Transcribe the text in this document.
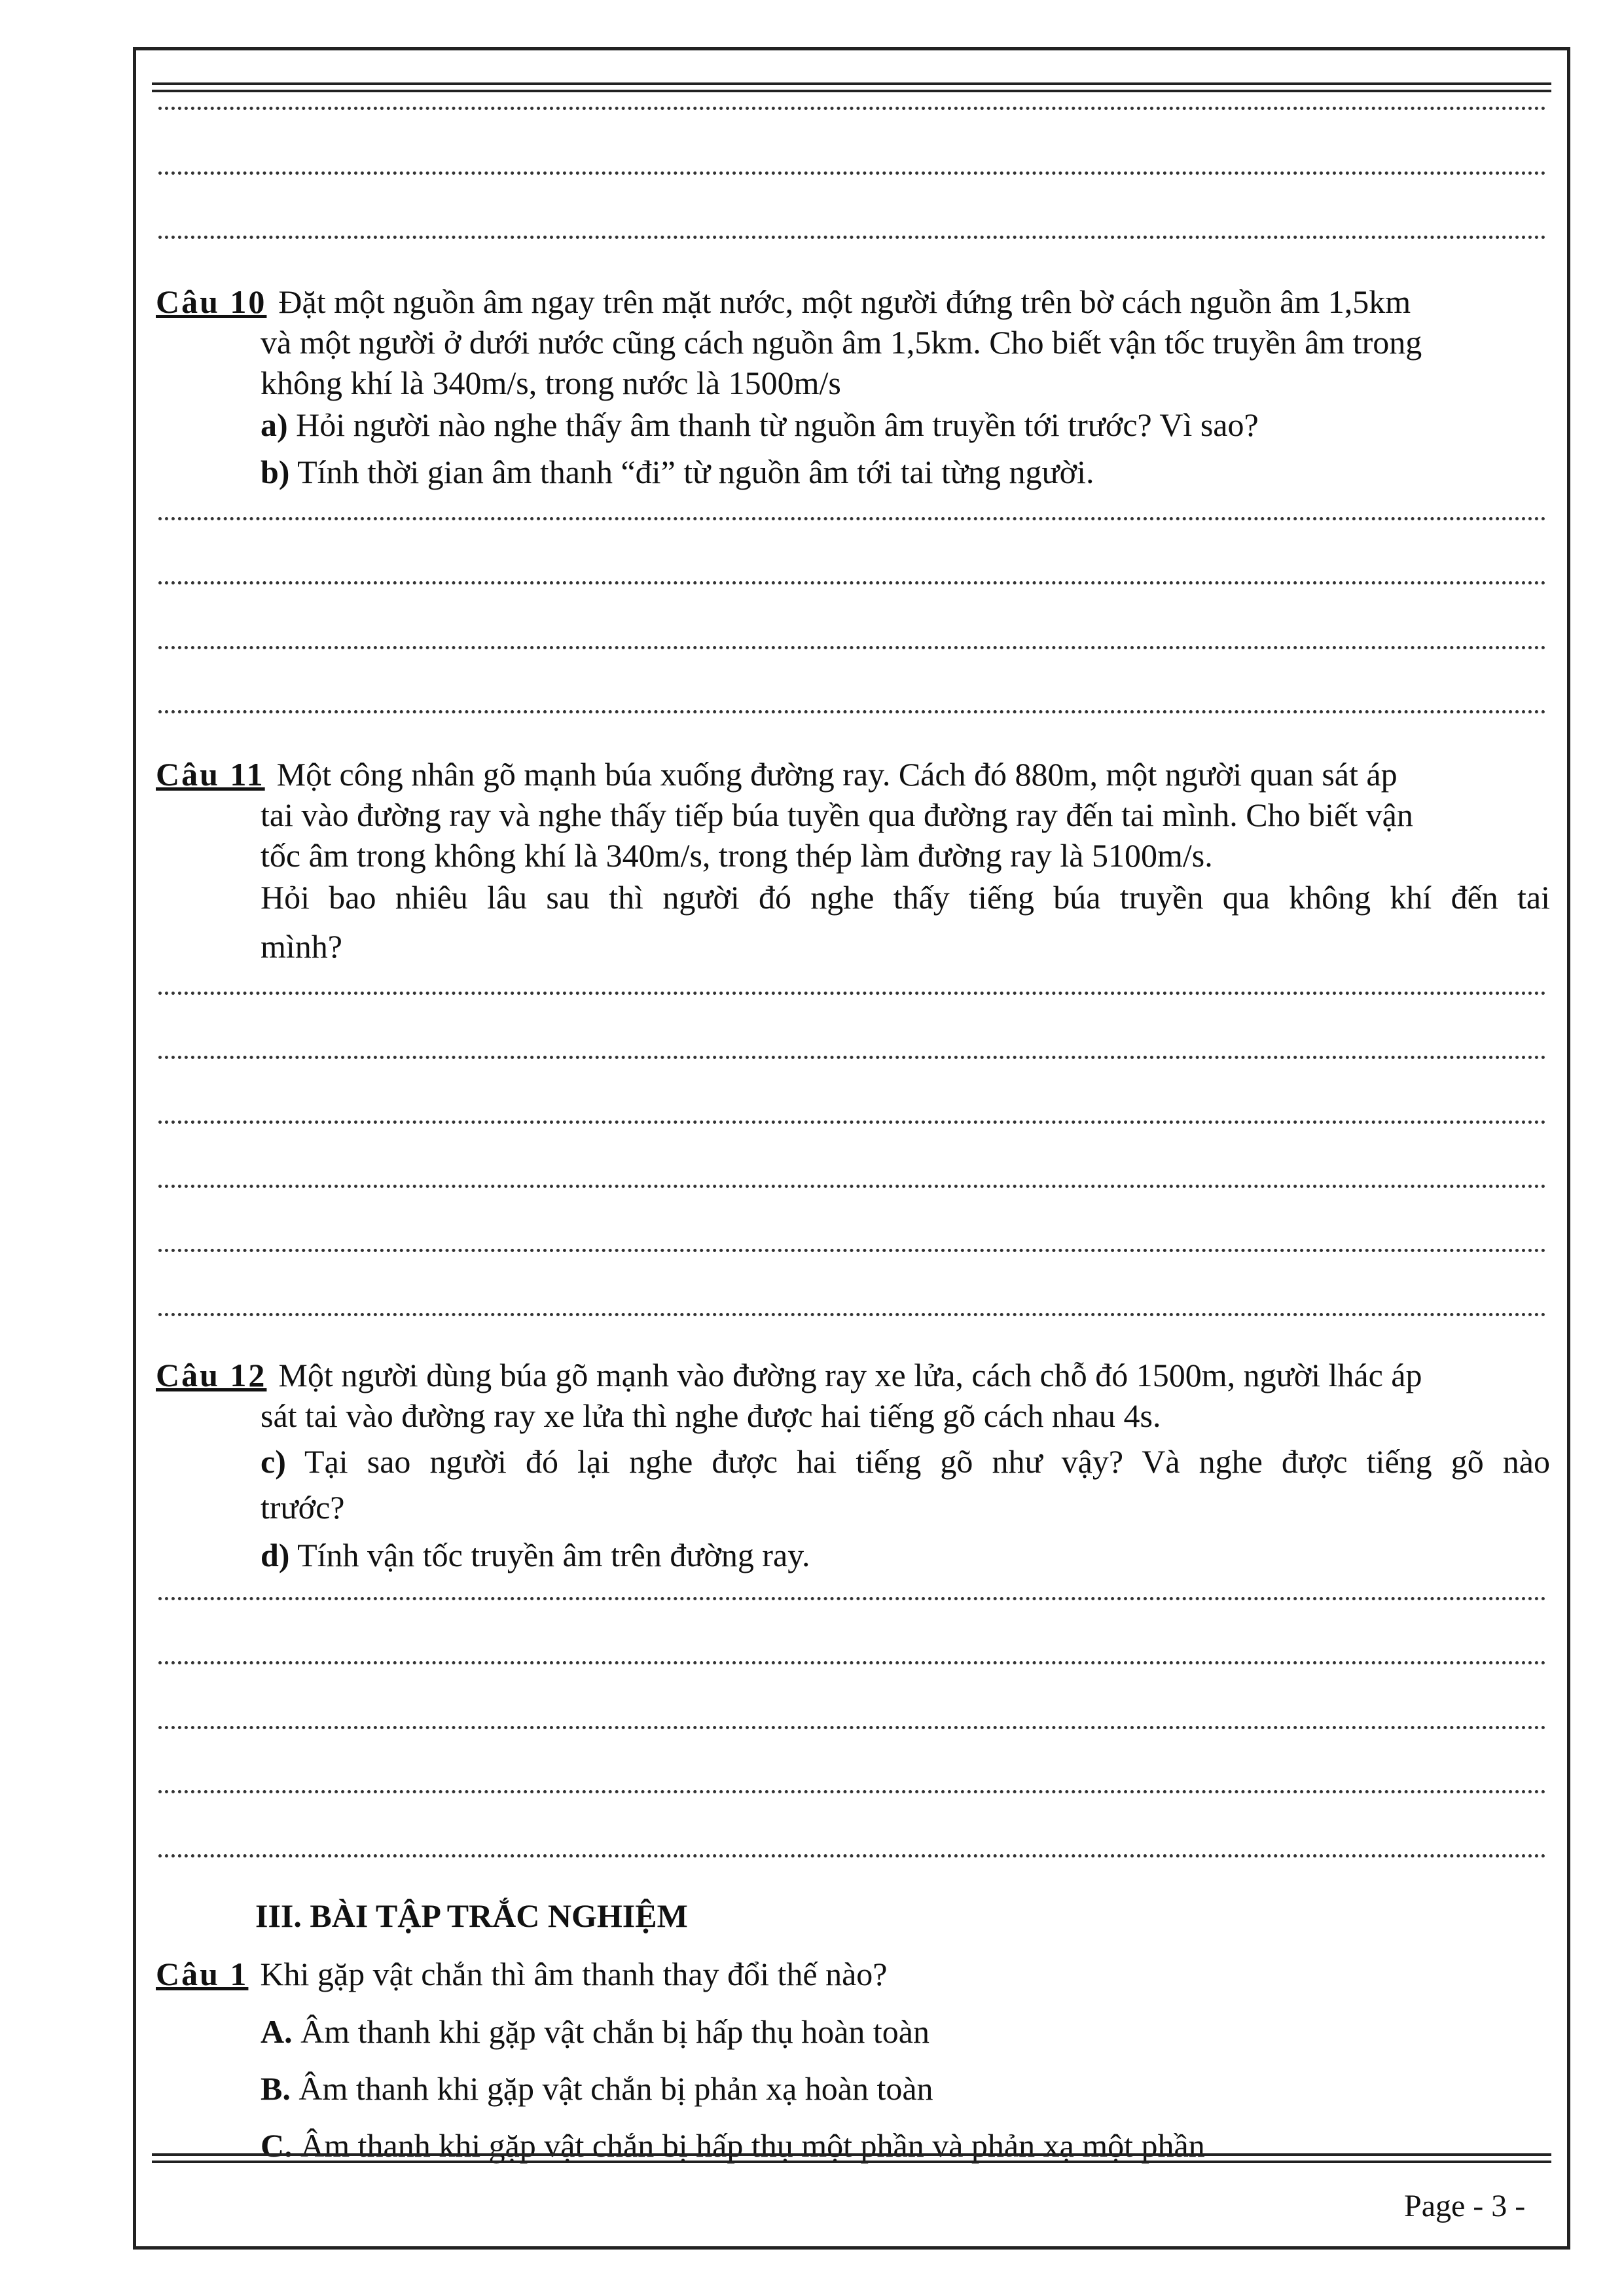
Câu 10 Đặt một nguồn âm ngay trên mặt nước, một người đứng trên bờ cách nguồn âm 1,5km
và một người ở dưới nước cũng cách nguồn âm 1,5km. Cho biết vận tốc truyền âm trong
không khí là 340m/s, trong nước là 1500m/s
a) Hỏi người nào nghe thấy âm thanh từ nguồn âm truyền tới trước? Vì sao?
b) Tính thời gian âm thanh “đi” từ nguồn âm tới tai từng người.
Câu 11 Một công nhân gõ mạnh búa xuống đường ray. Cách đó 880m, một người quan sát áp
tai vào đường ray và nghe thấy tiếp búa tuyền qua đường ray đến tai mình. Cho biết vận
tốc âm trong không khí là 340m/s, trong thép làm đường ray là 5100m/s.
Hỏi bao nhiêu lâu sau thì người đó nghe thấy tiếng búa truyền qua không khí đến tai
mình?
Câu 12 Một người dùng búa gõ mạnh vào đường ray xe lửa, cách chỗ đó 1500m, người lhác áp
sát tai vào đường ray xe lửa thì nghe được hai tiếng gõ cách nhau 4s.
c) Tại sao người đó lại nghe được hai tiếng gõ như vậy? Và nghe được tiếng gõ nào
trước?
d) Tính vận tốc truyền âm trên đường ray.
III. BÀI TẬP TRẮC NGHIỆM
Câu 1 Khi gặp vật chắn thì âm thanh thay đổi thế nào?
A. Âm thanh khi gặp vật chắn bị hấp thụ hoàn toàn
B. Âm thanh khi gặp vật chắn bị phản xạ hoàn toàn
C. Âm thanh khi gặp vật chắn bị hấp thụ một phần và phản xạ một phần
Page - 3 -
